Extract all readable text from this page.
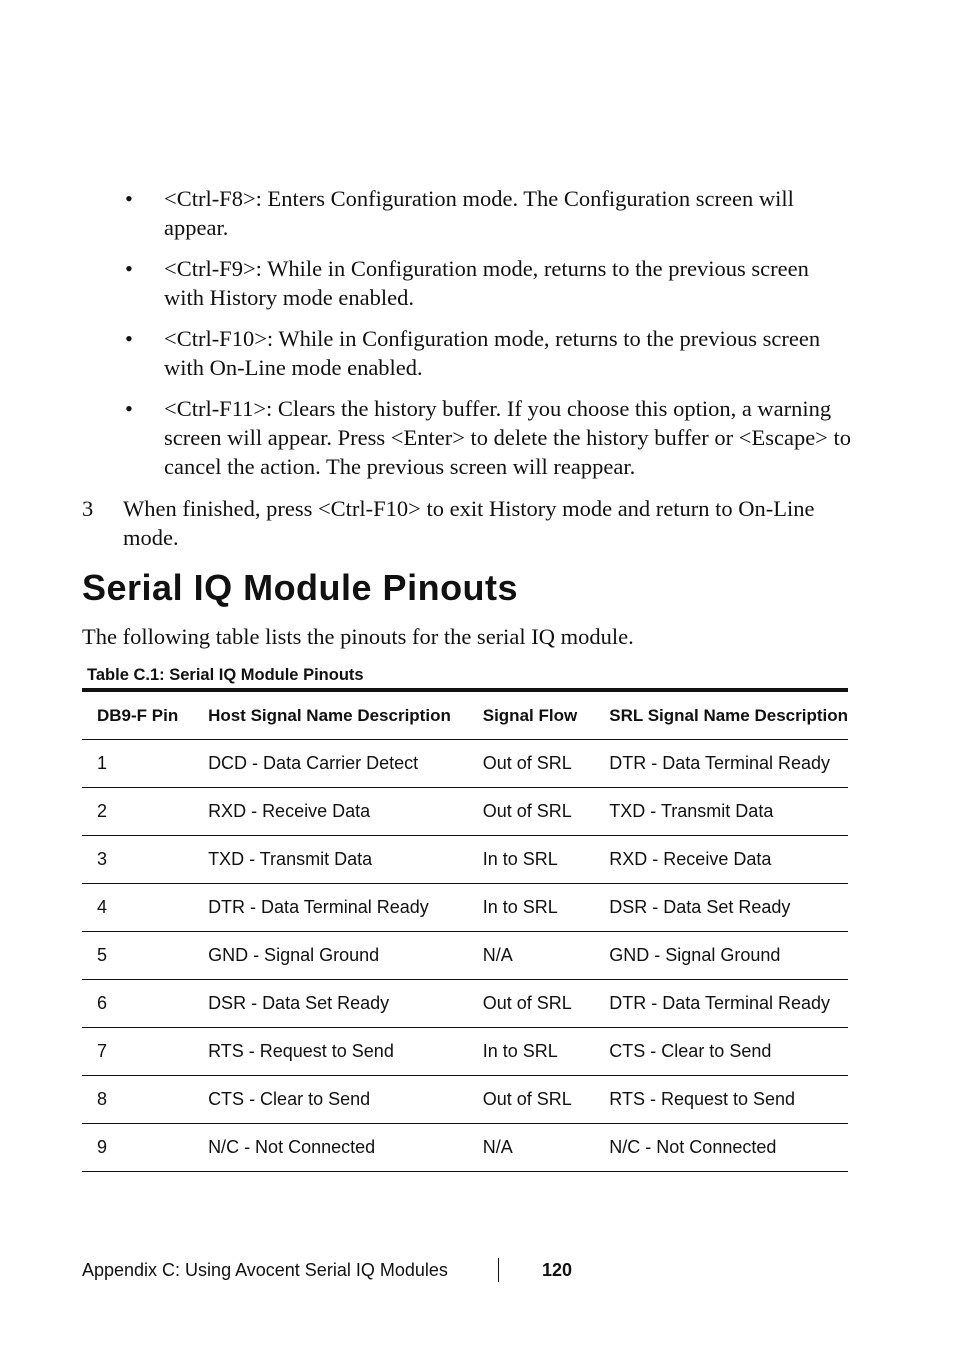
• <Ctrl-F8>: Enters Configuration mode. The Configuration screen will appear.
• <Ctrl-F9>: While in Configuration mode, returns to the previous screen with History mode enabled.
• <Ctrl-F10>: While in Configuration mode, returns to the previous screen with On-Line mode enabled.
• <Ctrl-F11>: Clears the history buffer. If you choose this option, a warning screen will appear. Press <Enter> to delete the history buffer or <Escape> to cancel the action. The previous screen will reappear.
3 When finished, press <Ctrl-F10> to exit History mode and return to On-Line mode.
Serial IQ Module Pinouts
The following table lists the pinouts for the serial IQ module.
Table C.1: Serial IQ Module Pinouts
DB9-F Pin	Host Signal Name Description	Signal Flow	SRL Signal Name Description
1	DCD - Data Carrier Detect	Out of SRL	DTR - Data Terminal Ready
2	RXD - Receive Data	Out of SRL	TXD - Transmit Data
3	TXD - Transmit Data	In to SRL	RXD - Receive Data
4	DTR - Data Terminal Ready	In to SRL	DSR - Data Set Ready
5	GND - Signal Ground	N/A	GND - Signal Ground
6	DSR - Data Set Ready	Out of SRL	DTR - Data Terminal Ready
7	RTS - Request to Send	In to SRL	CTS - Clear to Send
8	CTS - Clear to Send	Out of SRL	RTS - Request to Send
9	N/C - Not Connected	N/A	N/C - Not Connected
Appendix C: Using Avocent Serial IQ Modules	120
